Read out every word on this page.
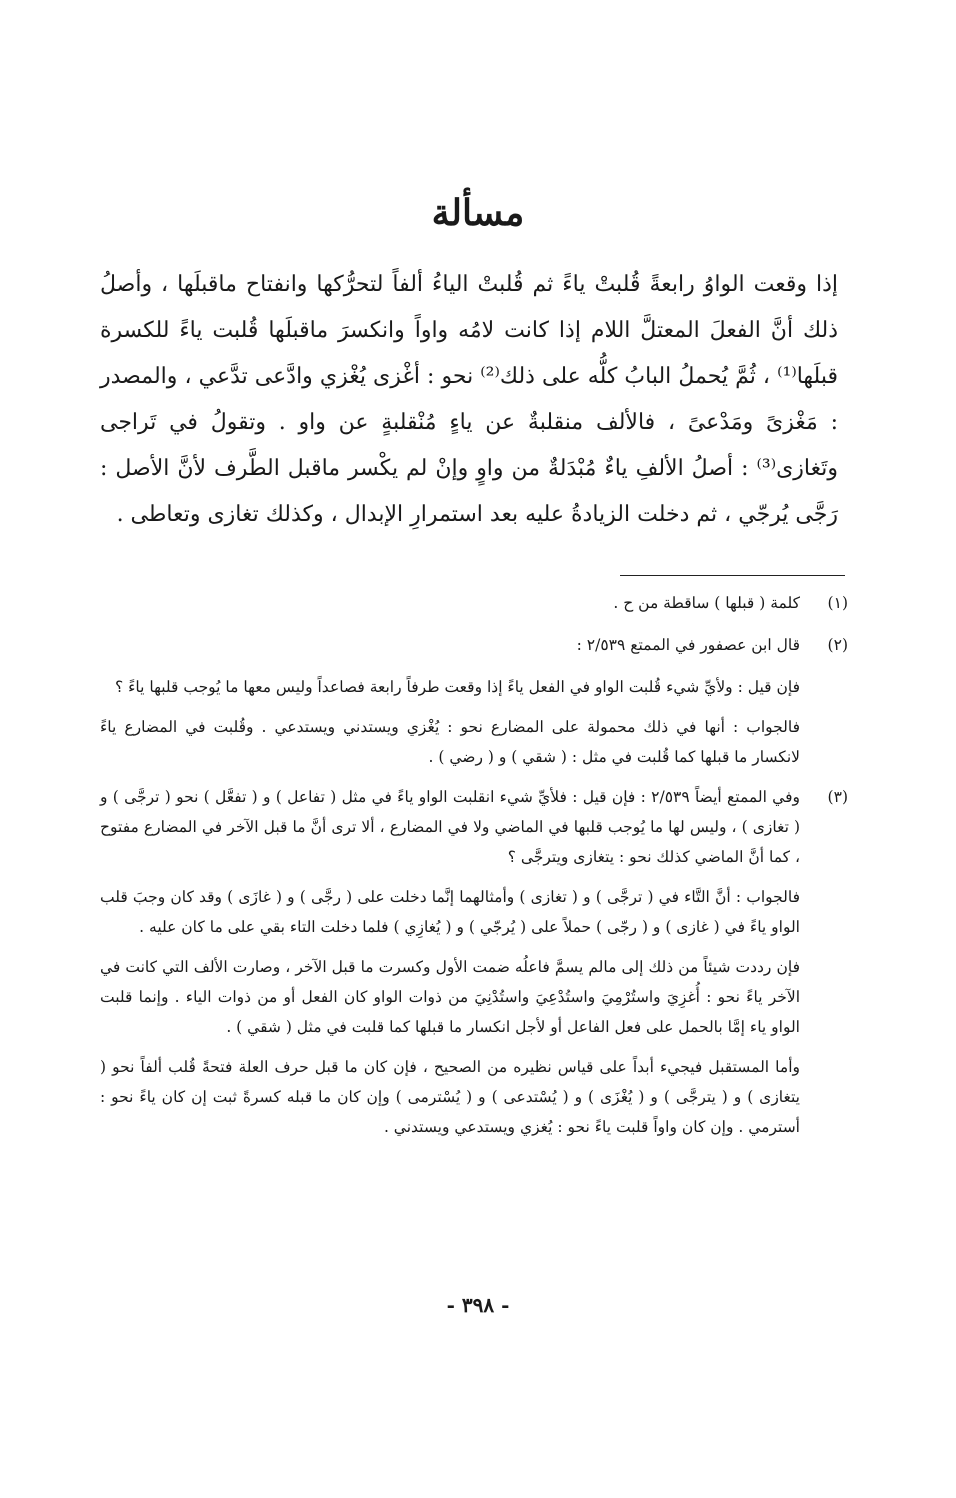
مسألة

إذا وقعت الواوُ رابعةً قُلبتْ ياءً ثم قُلبتْ الياءُ ألفاً لتحرُّكها وانفتاح ماقبلَها ، وأصلُ ذلك أنَّ الفعلَ المعتلَّ اللام إذا كانت لامُه واواً وانكسرَ ماقبلَها قُلبت ياءً للكسرة قبلَها⁽¹⁾ ، ثُمَّ يُحملُ البابُ كلُّه على ذلك⁽²⁾ نحو : أغْزى يُغْزي وادَّعى تدَّعي ، والمصدر : مَغْزىً ومَدْعىً ، فالألف منقلبةٌ عن ياءٍ مُنْقلبةٍ عن واو . وتقولُ في تَراجى وتَغازى⁽³⁾ : أصلُ الألفِ ياءٌ مُبْدَلةٌ من واوٍ وإنْ لم يكْسر ماقبل الطَّرف لأنَّ الأصل : رَجَّى يُرجّي ، ثم دخلت الزيادةُ عليه بعد استمرارِ الإبدال ، وكذلك تغازى وتعاطى .

(١)

كلمة ( قبلها ) ساقطة من ح .

(٢)

قال ابن عصفور في الممتع ٢/٥٣٩ :

فإن قيل : ولأيِّ شيء قُلبت الواو في الفعل ياءً إذا وقعت طرفاً رابعة فصاعداً وليس معها ما يُوجب قلبها ياءً ؟

فالجواب : أنها في ذلك محمولة على المضارع نحو : يُغْزي ويستدني ويستدعي . وقُلبت في المضارع ياءً لانكسار ما قبلها كما قُلبت في مثل : ( شقي ) و ( رضي ) .

(٣)

وفي الممتع أيضاً ٢/٥٣٩ : فإن قيل : فلأيِّ شيء انقلبت الواو ياءً في مثل ( تفاعل ) و ( تفعَّل ) نحو ( ترجَّى ) و ( تغازى ) ، وليس لها ما يُوجب قلبها في الماضي ولا في المضارع ، ألا ترى أنَّ ما قبل الآخر في المضارع مفتوح ، كما أنَّ الماضي كذلك نحو : يتغازى ويترجَّى ؟

فالجواب : أنَّ التَّاء في ( ترجَّى ) و ( تغازى ) وأمثالهما إنَّما دخلت على ( رجَّى ) و ( غازَى ) وقد كان وجبَ قلب الواو ياءً في ( غازى ) و ( رجّى ) حملاً على ( يُرجّي ) و ( يُغازِي ) فلما دخلت التاء بقي على ما كان عليه .

فإن رددت شيئاً من ذلك إلى مالم يسمَّ فاعلُه ضمت الأول وكسرت ما قبل الآخر ، وصارت الألف التي كانت في الآخر ياءً نحو : أُغزِيَ واستُرْمِيَ واستُدْعِيَ واستُدْنِيَ من ذوات الواو كان الفعل أو من ذوات الياء . وإنما قلبت الواو ياء إمَّا بالحمل على فعل الفاعل أو لأجل انكسار ما قبلها كما قلبت في مثل ( شقي ) .

وأما المستقبل فيجيء أبداً على قياس نظيره من الصحيح ، فإن كان ما قبل حرف العلة فتحةً قُلب ألفاً نحو ( يتغازى ) و ( يترجَّى ) و ( يُغْزَى ) و ( يُسْتدعى ) و ( يُسْترمى ) وإن كان ما قبله كسرةً ثبت إن كان ياءً نحو : أسترمي . وإن كان واواً قلبت ياءً نحو : يُغزي ويستدعي ويستدني .

- ٣٩٨ -
